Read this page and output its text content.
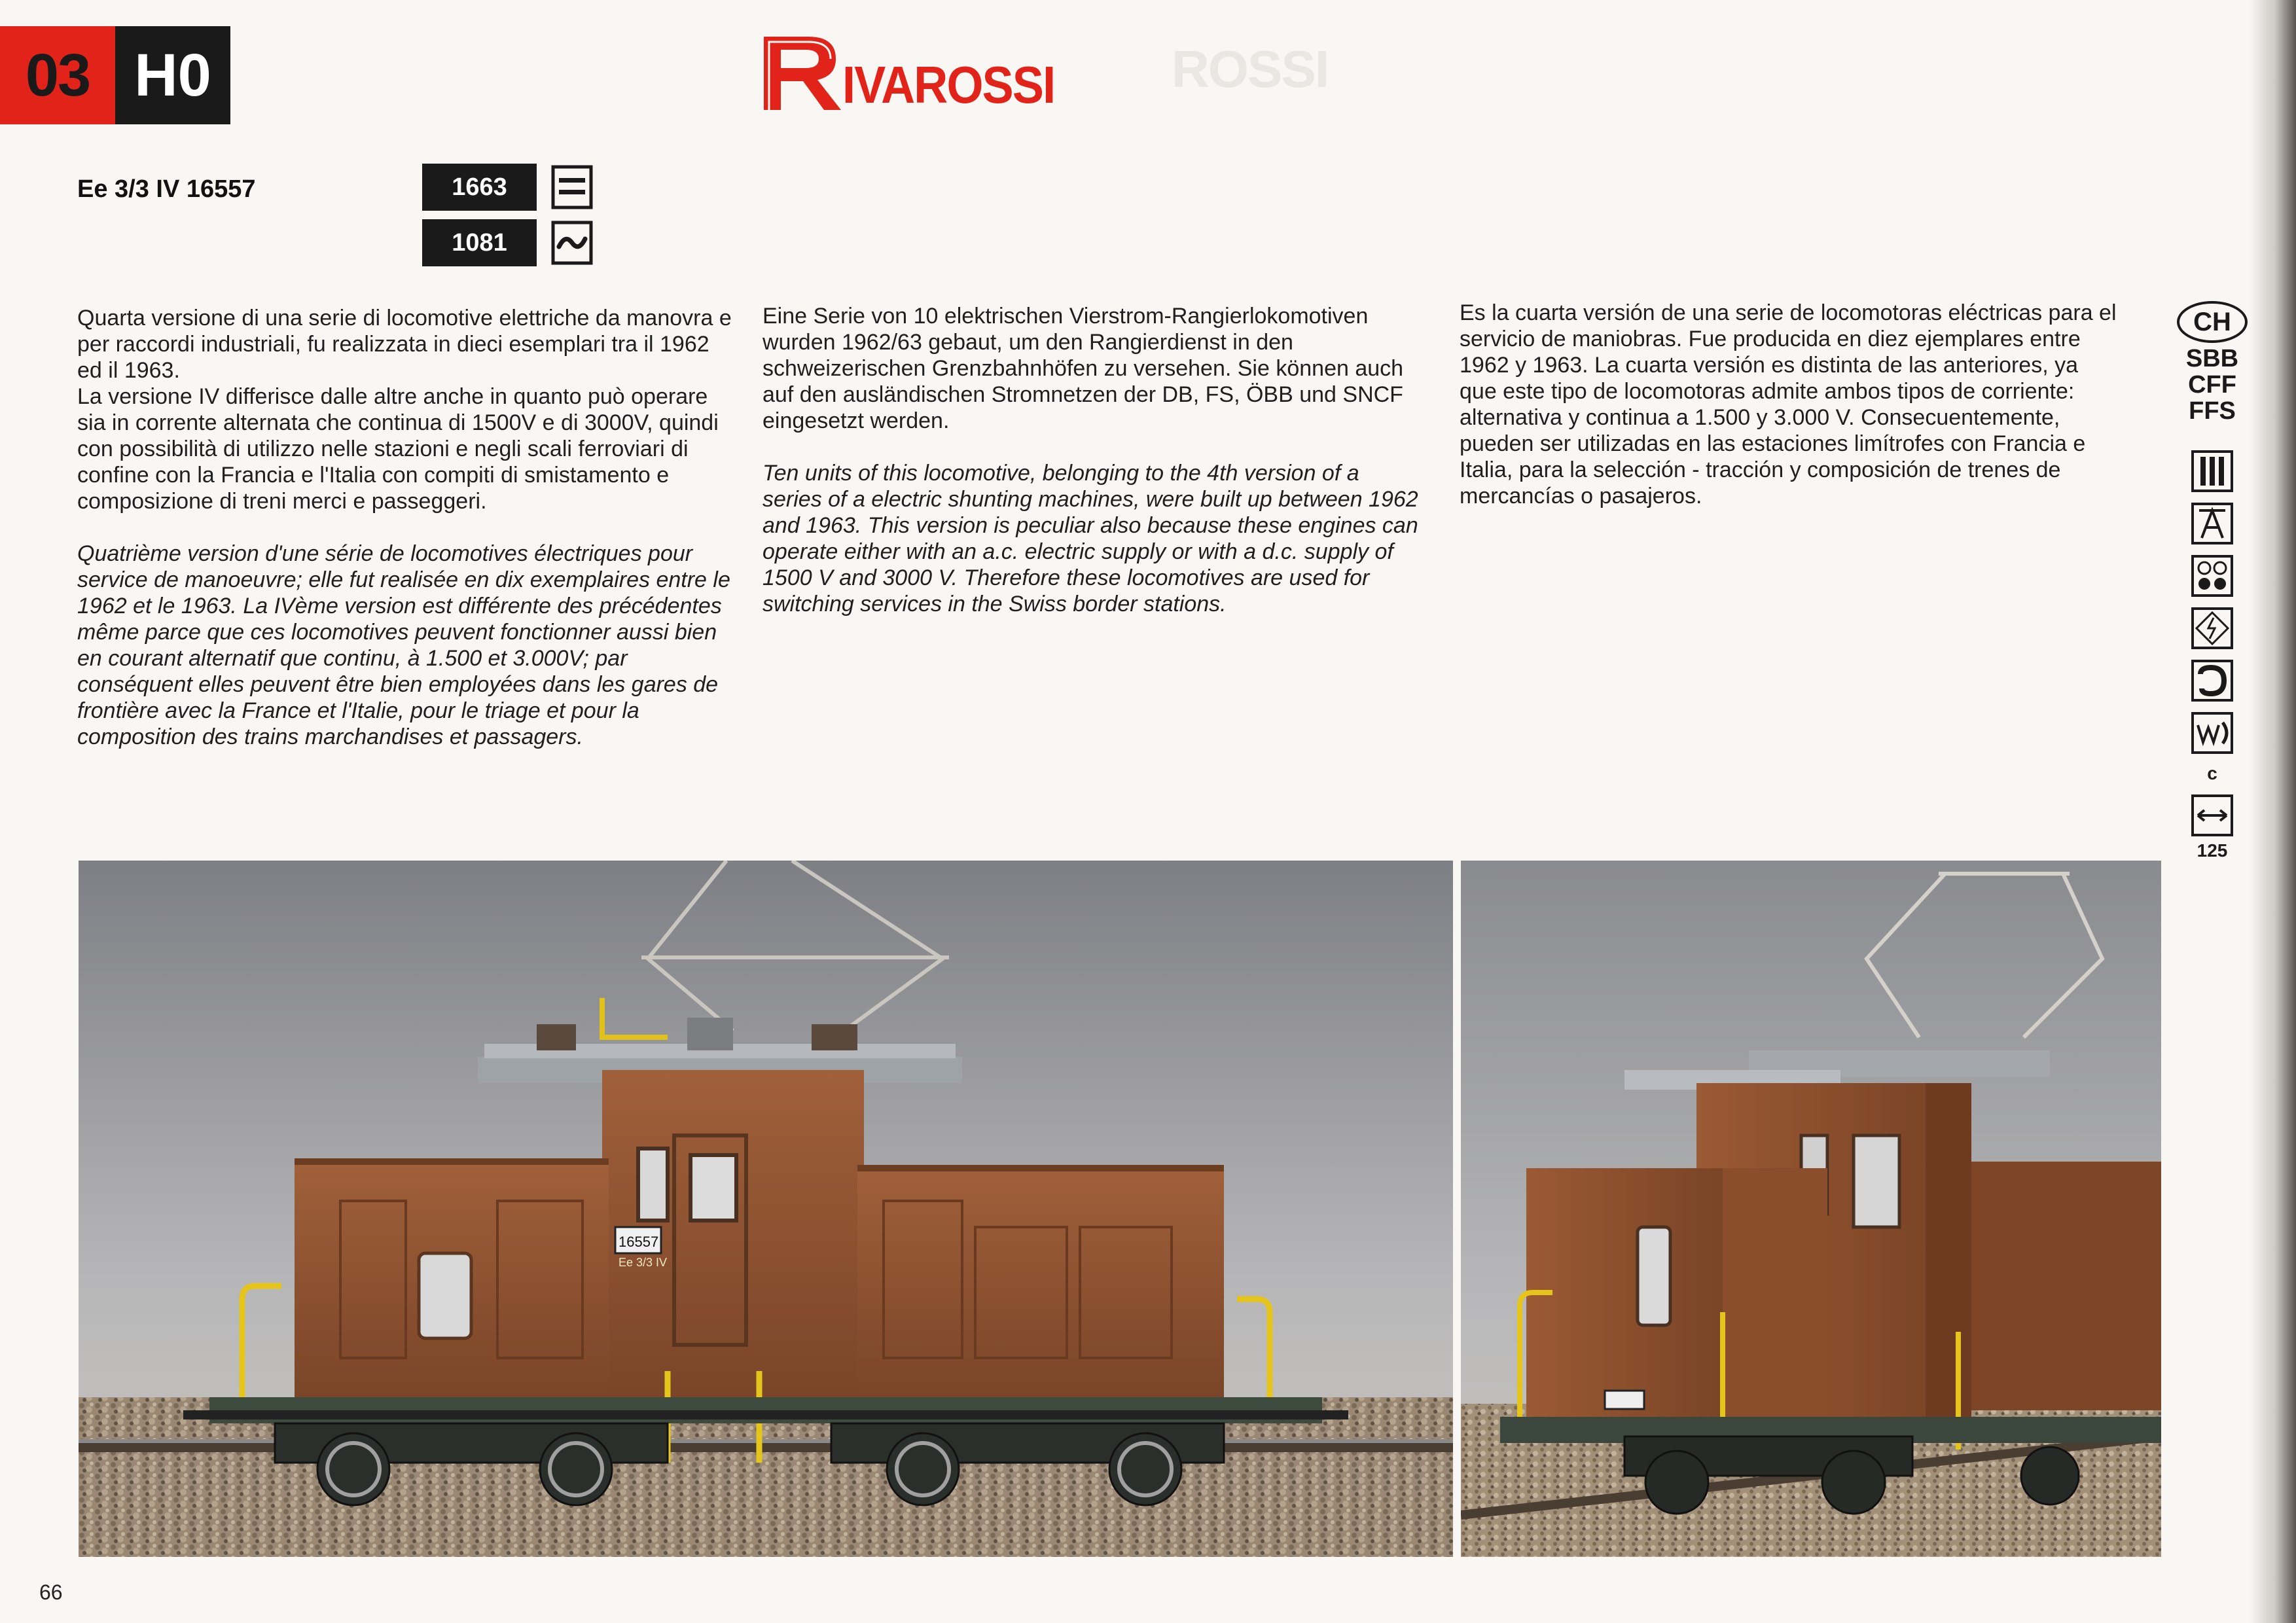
03 H0	IVAROSSI ROSSI
Ee 3/3 IV 16557	1663
1081

Quarta versione di una serie di locomotive elettriche da manovra e per raccordi industriali, fu realizzata in dieci esemplari tra il 1962 ed il 1963.
La versione IV differisce dalle altre anche in quanto può operare sia in corrente alternata che continua di 1500V e di 3000V, quindi con possibilità di utilizzo nelle stazioni e negli scali ferroviari di confine con la Francia e l'Italia con compiti di smistamento e composizione di treni merci e passeggeri.

Quatrième version d'une série de locomotives électriques pour service de manoeuvre; elle fut realisée en dix exemplaires entre le 1962 et le 1963. La IVème version est différente des précédentes même parce que ces locomotives peuvent fonctionner aussi bien en courant alternatif que continu, à 1.500 et 3.000V; par conséquent elles peuvent être bien employées dans les gares de frontière avec la France et l'Italie, pour le triage et pour la composition des trains marchandises et passagers.

Eine Serie von 10 elektrischen Vierstrom-Rangierlokomotiven wurden 1962/63 gebaut, um den Rangierdienst in den schweizerischen Grenzbahnhöfen zu versehen. Sie können auch auf den ausländischen Stromnetzen der DB, FS, ÖBB und SNCF eingesetzt werden.

Ten units of this locomotive, belonging to the 4th version of a series of a electric shunting machines, were built up between 1962 and 1963. This version is peculiar also because these engines can operate either with an a.c. electric supply or with a d.c. supply of 1500 V and 3000 V. Therefore these locomotives are used for switching services in the Swiss border stations.

Es la cuarta versión de una serie de locomotoras eléctricas para el servicio de maniobras. Fue producida en diez ejemplares entre 1962 y 1963. La cuarta versión es distinta de las anteriores, ya que este tipo de locomotoras admite ambos tipos de corriente: alternativa y continua a 1.500 y 3.000 V. Consecuentemente, pueden ser utilizadas en las estaciones limítrofes con Francia e Italia, para la selección - tracción y composición de trenes de mercancías o pasajeros.

CH
SBB
CFF
FFS
c
125
16557
Ee 3/3 IV
66
